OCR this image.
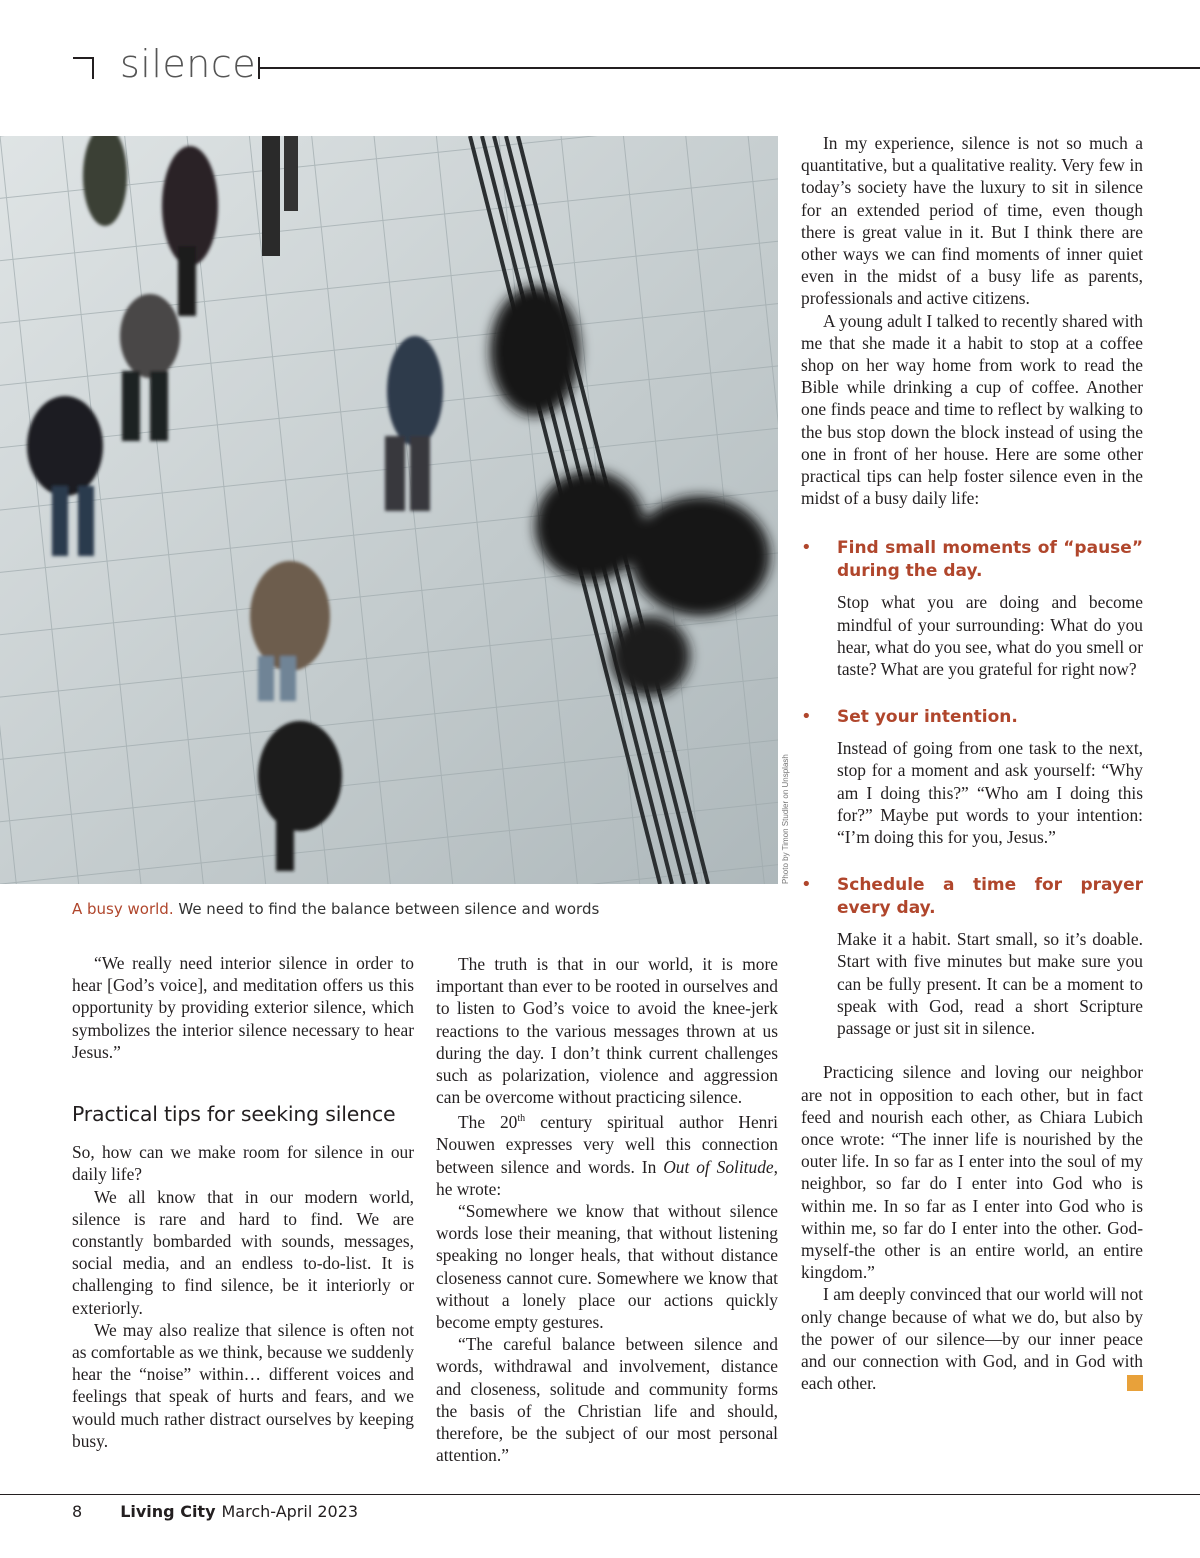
silence
Photo by Timon Studler on Unsplash
A busy world. We need to find the balance between silence and words

“We really need interior silence in order to hear [God’s voice], and meditation offers us this opportunity by providing exterior silence, which symbolizes the interior silence necessary to hear Jesus.”

Practical tips for seeking silence

So, how can we make room for silence in our daily life?

We all know that in our modern world, silence is rare and hard to find. We are constantly bombarded with sounds, messages, social media, and an endless to-do-list. It is challenging to find silence, be it interiorly or exteriorly.

We may also realize that silence is often not as comfortable as we think, because we suddenly hear the “noise” within… different voices and feelings that speak of hurts and fears, and we would much rather distract ourselves by keeping busy.

The truth is that in our world, it is more important than ever to be rooted in ourselves and to listen to God’s voice to avoid the knee-jerk reactions to the various messages thrown at us during the day. I don’t think current challenges such as polarization, violence and aggression can be overcome without practicing silence.

The 20th century spiritual author Henri Nouwen expresses very well this connection between silence and words. In Out of Solitude, he wrote:

“Somewhere we know that without silence words lose their meaning, that without listening speaking no longer heals, that without distance closeness cannot cure. Somewhere we know that without a lonely place our actions quickly become empty gestures.

“The careful balance between silence and words, withdrawal and involvement, distance and closeness, solitude and community forms the basis of the Christian life and should, therefore, be the subject of our most personal attention.”

In my experience, silence is not so much a quantitative, but a qualitative reality. Very few in today’s society have the luxury to sit in silence for an extended period of time, even though there is great value in it. But I think there are other ways we can find moments of inner quiet even in the midst of a busy life as parents, professionals and active citizens.

A young adult I talked to recently shared with me that she made it a habit to stop at a coffee shop on her way home from work to read the Bible while drinking a cup of coffee. Another one finds peace and time to reflect by walking to the bus stop down the block instead of using the one in front of her house. Here are some other practical tips can help foster silence even in the midst of a busy daily life:

• Find small moments of “pause” during the day.

Stop what you are doing and become mindful of your surrounding: What do you hear, what do you see, what do you smell or taste? What are you grateful for right now?

• Set your intention.

Instead of going from one task to the next, stop for a moment and ask yourself: “Why am I doing this?” “Who am I doing this for?” Maybe put words to your intention: “I’m doing this for you, Jesus.”

• Schedule a time for prayer every day.

Make it a habit. Start small, so it’s doable. Start with five minutes but make sure you can be fully present. It can be a moment to speak with God, read a short Scripture passage or just sit in silence.

Practicing silence and loving our neighbor are not in opposition to each other, but in fact feed and nourish each other, as Chiara Lubich once wrote: “The inner life is nourished by the outer life. In so far as I enter into the soul of my neighbor, so far do I enter into God who is within me. In so far as I enter into God who is within me, so far do I enter into the other. God-myself-the other is an entire world, an entire kingdom.”

I am deeply convinced that our world will not only change because of what we do, but also by the power of our silence—by our inner peace and our connection with God, and in God with each other.	LC

8 Living City March-April 2023
